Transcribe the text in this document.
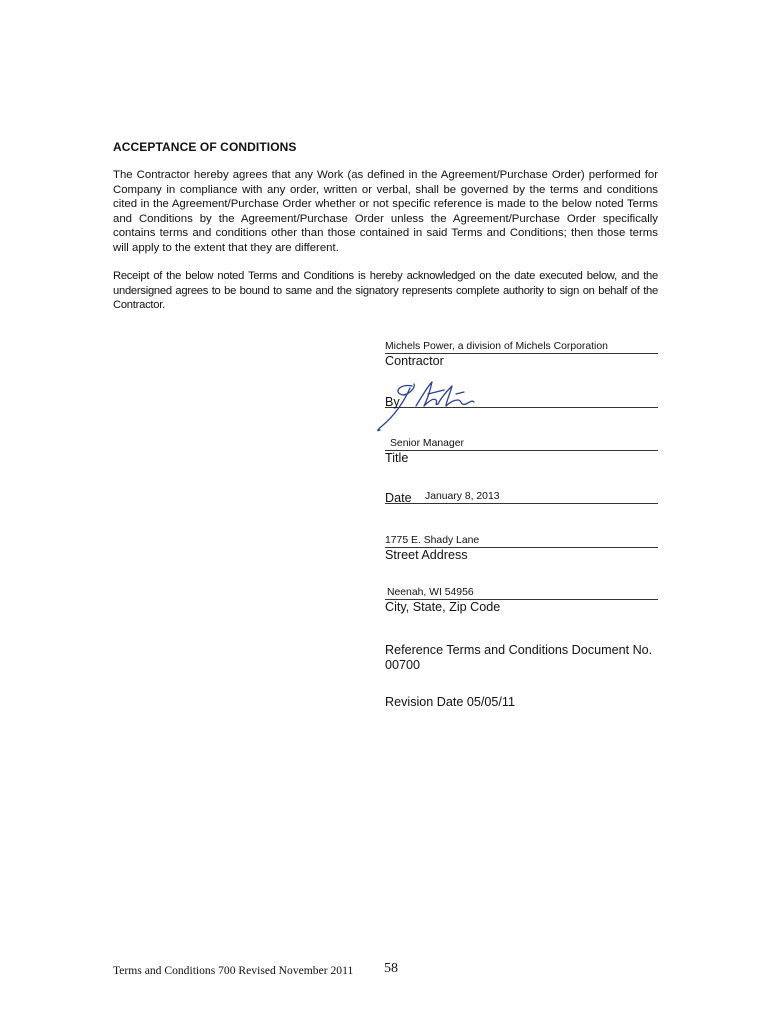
ACCEPTANCE OF CONDITIONS
The Contractor hereby agrees that any Work (as defined in the Agreement/Purchase Order) performed for Company in compliance with any order, written or verbal, shall be governed by the terms and conditions cited in the Agreement/Purchase Order whether or not specific reference is made to the below noted Terms and Conditions by the Agreement/Purchase Order unless the Agreement/Purchase Order specifically contains terms and conditions other than those contained in said Terms and Conditions; then those terms will apply to the extent that they are different.
Receipt of the below noted Terms and Conditions is hereby acknowledged on the date executed below, and the undersigned agrees to be bound to same and the signatory represents complete authority to sign on behalf of the Contractor.
Michels Power, a division of Michels Corporation
Contractor
By
Senior Manager
Title
Date January 8, 2013
1775 E. Shady Lane
Street Address
Neenah, WI 54956
City, State, Zip Code
Reference Terms and Conditions Document No. 00700
Revision Date 05/05/11
Terms and Conditions 700 Revised November 2011 58
